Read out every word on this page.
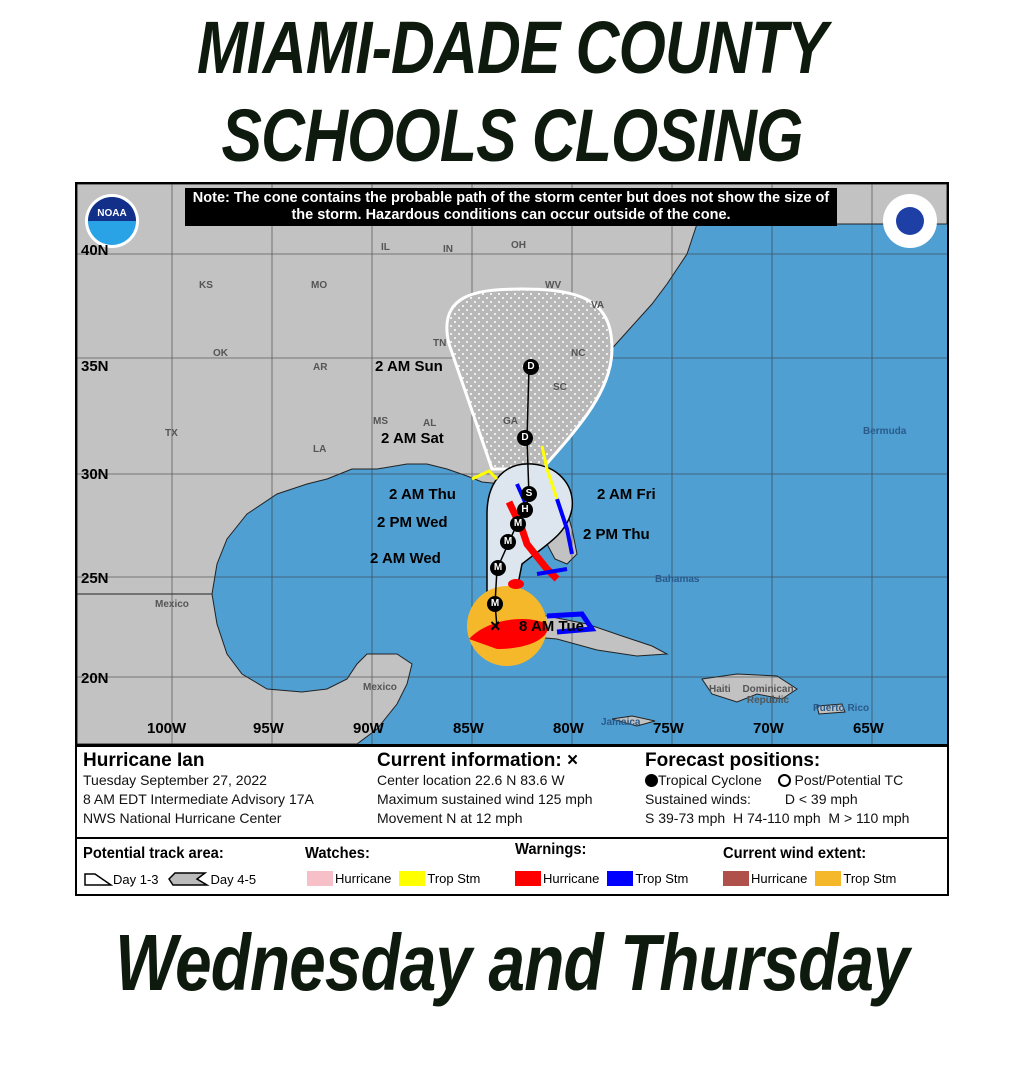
MIAMI-DADE COUNTY
SCHOOLS CLOSING
Note: The cone contains the probable path of the storm center but does not show the size of the storm. Hazardous conditions can occur outside of the cone.
NOAA
40N
35N
30N
25N
20N
100W	95W	90W	85W	80W	75W	70W	65W
KS	MO
IL	IN	OH
WV
VA
TN
NC
SC
GA
AL
MS
AR
OK
TX
LA
Mexico
Mexico
Bahamas
Bermuda
Jamaica
Haiti	Dominican Republic
Puerto Rico
× 8 AM Tue
M
M
2 AM Wed
M
2 PM Wed	M
2 AM Thu
H
2 PM Thu
S	2 AM Fri
D
2 AM Sat
D
2 AM Sun
Hurricane Ian
Tuesday September 27, 2022
8 AM EDT Intermediate Advisory 17A
NWS National Hurricane Center
Current information: ×
Center location 22.6 N 83.6 W
Maximum sustained wind 125 mph
Movement N at 12 mph
Forecast positions:
Tropical Cyclone Post/Potential TC
Sustained winds: D < 39 mph
S 39-73 mph  H 74-110 mph  M > 110 mph
Potential track area:
Day 1-3	Day 4-5
Watches:
Hurricane	Trop Stm
Warnings:
Hurricane	Trop Stm
Current wind extent:
Hurricane	Trop Stm
Wednesday and Thursday
